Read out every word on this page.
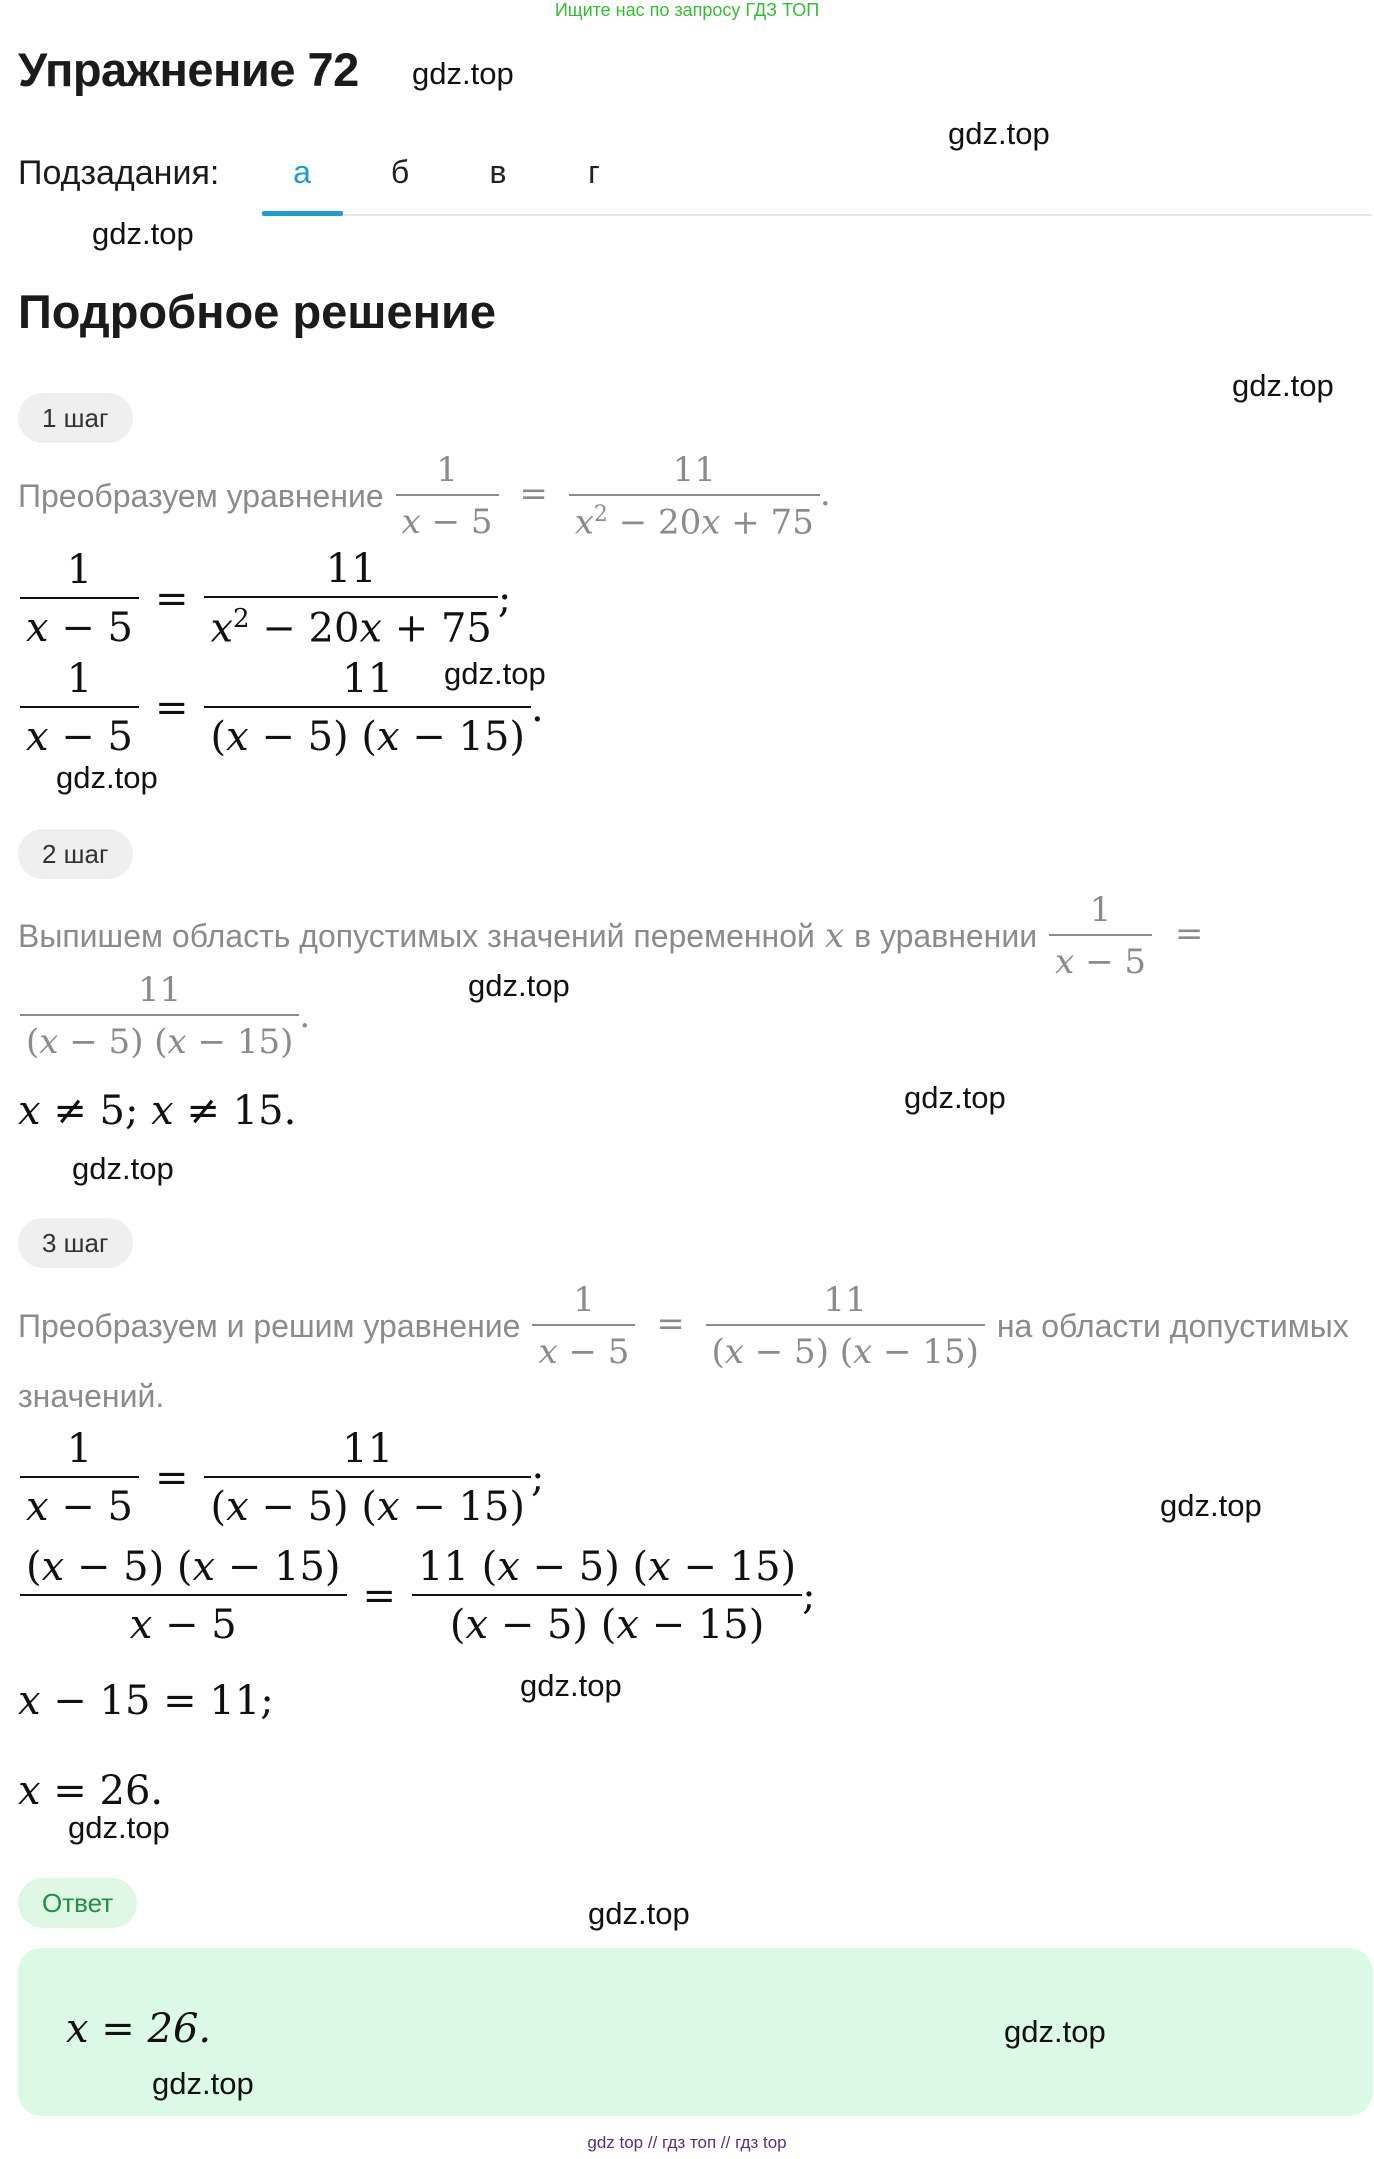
Ищите нас по запросу ГДЗ ТОП
Упражнение 72 gdz.top
gdz.top
Подзадания:	а	б	в	г
gdz.top
Подробное решение
gdz.top
1 шаг
Преобразуем уравнение $\frac{1}{x - 5} = \frac{11}{x^2 - 20x + 75}$ .
$\frac{1}{x - 5} = \frac{11}{x^2 - 20x + 75}$ ;
$\frac{1}{x - 5} = \frac{11}{(x - 5) (x - 15)}$ .
gdz.top
gdz.top
2 шаг
Выпишем область допустимых значений переменной x в уравнении $\frac{1}{x - 5}$ =
$\frac{11}{(x - 5) (x - 15)}$ .
gdz.top
x ≠ 5; x ≠ 15.	gdz.top
gdz.top
3 шаг
Преобразуем и решим уравнение $\frac{1}{x - 5} = \frac{11}{(x - 5) (x - 15)}$ на области допустимых
значений.
$\frac{1}{x - 5} = \frac{11}{(x - 5) (x - 15)}$ ;
gdz.top
$\frac{(x - 5) (x - 15)}{x - 5} = \frac{11 (x - 5) (x - 15)}{(x - 5) (x - 15)}$ ;
gdz.top
x − 15 = 11;
x = 26.
gdz.top
Ответ	gdz.top
x = 26.	gdz.top
gdz.top
gdz top // гдз топ // гдз top
